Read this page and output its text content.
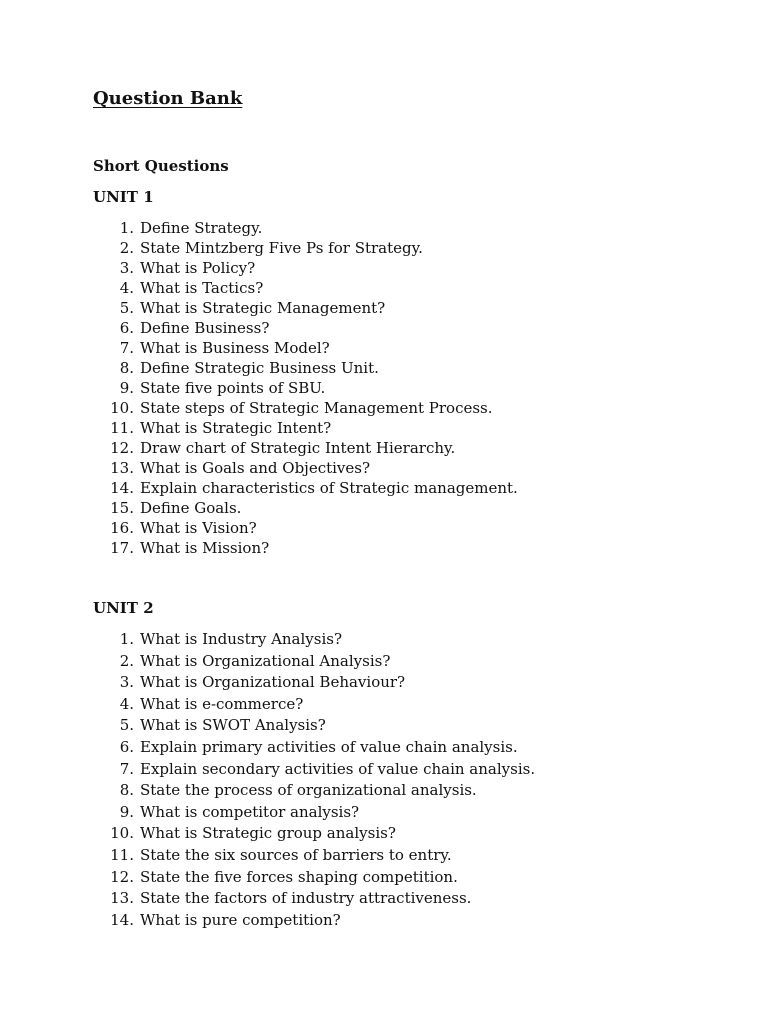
Question Bank
Short Questions
UNIT 1
1. Define Strategy.
2. State Mintzberg Five Ps for Strategy.
3. What is Policy?
4. What is Tactics?
5. What is Strategic Management?
6. Define Business?
7. What is Business Model?
8. Define Strategic Business Unit.
9. State five points of SBU.
10. State steps of Strategic Management Process.
11. What is Strategic Intent?
12. Draw chart of Strategic Intent Hierarchy.
13. What is Goals and Objectives?
14. Explain characteristics of Strategic management.
15. Define Goals.
16. What is Vision?
17. What is Mission?
UNIT 2
1. What is Industry Analysis?
2. What is Organizational Analysis?
3. What is Organizational Behaviour?
4. What is e-commerce?
5. What is SWOT Analysis?
6. Explain primary activities of value chain analysis.
7. Explain secondary activities of value chain analysis.
8. State the process of organizational analysis.
9. What is competitor analysis?
10. What is Strategic group analysis?
11. State the six sources of barriers to entry.
12. State the five forces shaping competition.
13. State the factors of industry attractiveness.
14. What is pure competition?
